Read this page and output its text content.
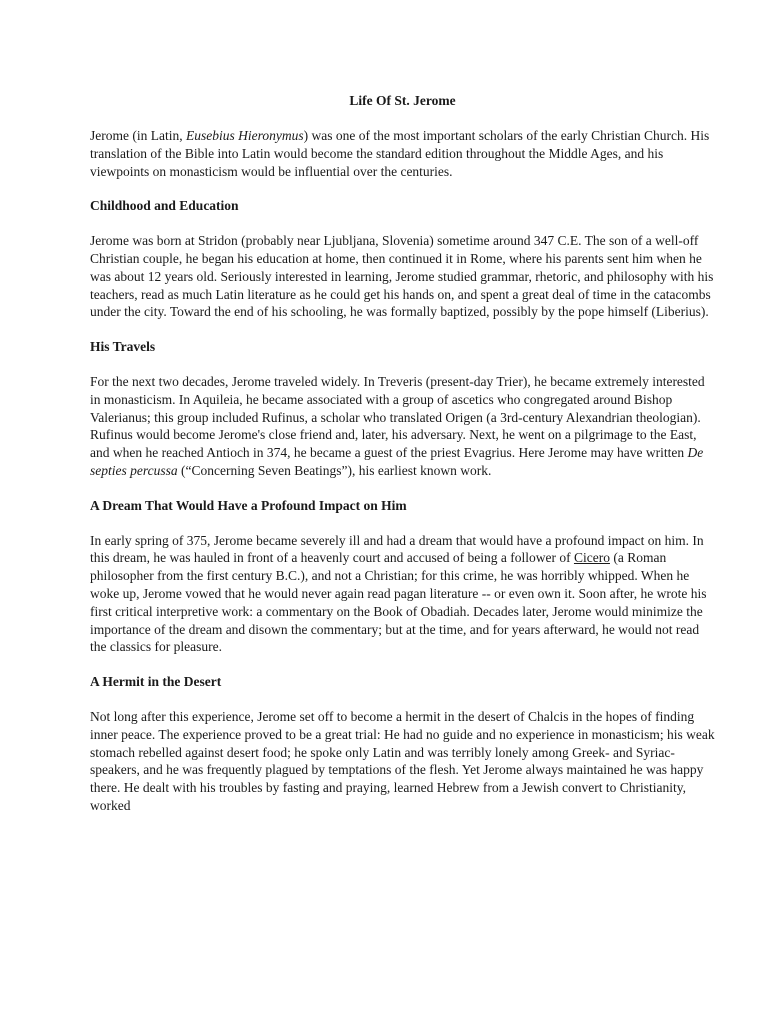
Life Of St. Jerome

Jerome (in Latin, Eusebius Hieronymus) was one of the most important scholars of the early Christian Church. His translation of the Bible into Latin would become the standard edition throughout the Middle Ages, and his viewpoints on monasticism would be influential over the centuries.

Childhood and Education

Jerome was born at Stridon (probably near Ljubljana, Slovenia) sometime around 347 C.E. The son of a well-off Christian couple, he began his education at home, then continued it in Rome, where his parents sent him when he was about 12 years old. Seriously interested in learning, Jerome studied grammar, rhetoric, and philosophy with his teachers, read as much Latin literature as he could get his hands on, and spent a great deal of time in the catacombs under the city. Toward the end of his schooling, he was formally baptized, possibly by the pope himself (Liberius).

His Travels

For the next two decades, Jerome traveled widely. In Treveris (present-day Trier), he became extremely interested in monasticism. In Aquileia, he became associated with a group of ascetics who congregated around Bishop Valerianus; this group included Rufinus, a scholar who translated Origen (a 3rd-century Alexandrian theologian). Rufinus would become Jerome's close friend and, later, his adversary. Next, he went on a pilgrimage to the East, and when he reached Antioch in 374, he became a guest of the priest Evagrius. Here Jerome may have written De septies percussa (“Concerning Seven Beatings”), his earliest known work.

A Dream That Would Have a Profound Impact on Him

In early spring of 375, Jerome became severely ill and had a dream that would have a profound impact on him. In this dream, he was hauled in front of a heavenly court and accused of being a follower of Cicero (a Roman philosopher from the first century B.C.), and not a Christian; for this crime, he was horribly whipped. When he woke up, Jerome vowed that he would never again read pagan literature -- or even own it. Soon after, he wrote his first critical interpretive work: a commentary on the Book of Obadiah. Decades later, Jerome would minimize the importance of the dream and disown the commentary; but at the time, and for years afterward, he would not read the classics for pleasure.

A Hermit in the Desert

Not long after this experience, Jerome set off to become a hermit in the desert of Chalcis in the hopes of finding inner peace. The experience proved to be a great trial: He had no guide and no experience in monasticism; his weak stomach rebelled against desert food; he spoke only Latin and was terribly lonely among Greek- and Syriac-speakers, and he was frequently plagued by temptations of the flesh. Yet Jerome always maintained he was happy there. He dealt with his troubles by fasting and praying, learned Hebrew from a Jewish convert to Christianity, worked
